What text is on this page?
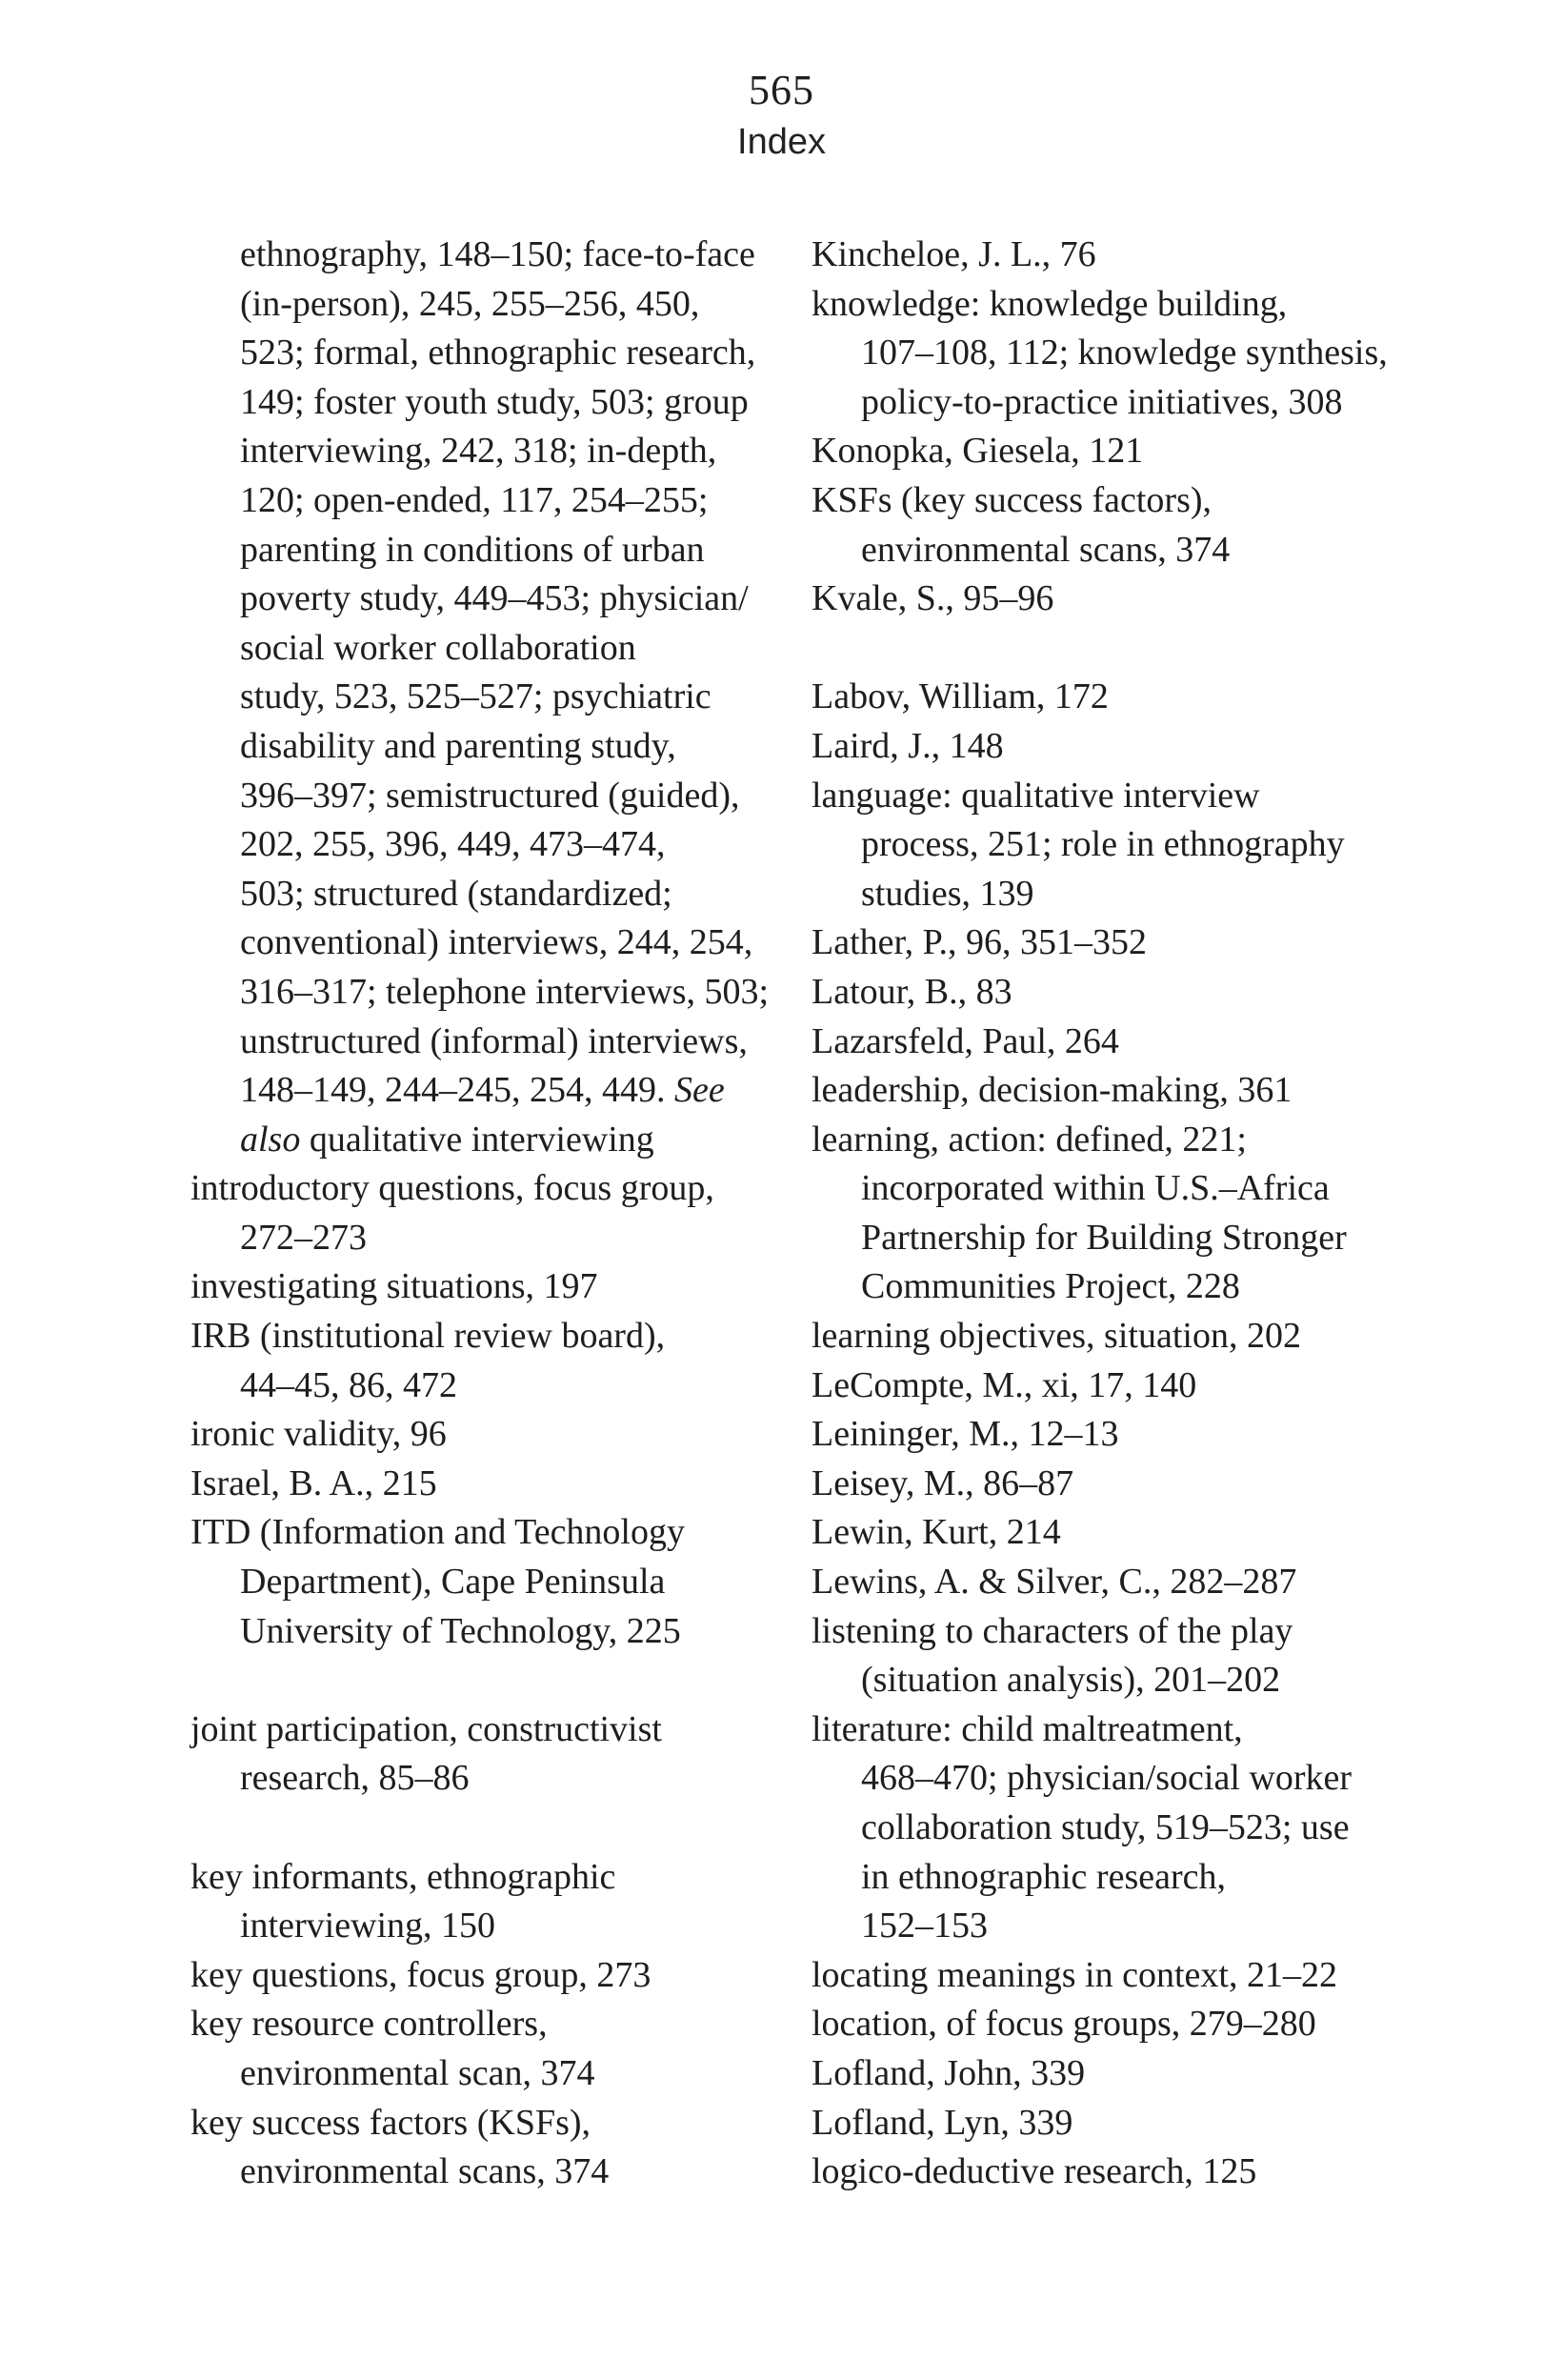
565
Index
ethnography, 148–150; face-to-face
(in-person), 245, 255–256, 450,
523; formal, ethnographic research,
149; foster youth study, 503; group
interviewing, 242, 318; in-depth,
120; open-ended, 117, 254–255;
parenting in conditions of urban
poverty study, 449–453; physician/
social worker collaboration
study, 523, 525–527; psychiatric
disability and parenting study,
396–397; semistructured (guided),
202, 255, 396, 449, 473–474,
503; structured (standardized;
conventional) interviews, 244, 254,
316–317; telephone interviews, 503;
unstructured (informal) interviews,
148–149, 244–245, 254, 449. See
also qualitative interviewing
introductory questions, focus group,
272–273
investigating situations, 197
IRB (institutional review board),
44–45, 86, 472
ironic validity, 96
Israel, B. A., 215
ITD (Information and Technology
Department), Cape Peninsula
University of Technology, 225
joint participation, constructivist
research, 85–86
key informants, ethnographic
interviewing, 150
key questions, focus group, 273
key resource controllers,
environmental scan, 374
key success factors (KSFs),
environmental scans, 374
Kincheloe, J. L., 76
knowledge: knowledge building,
107–108, 112; knowledge synthesis,
policy-to-practice initiatives, 308
Konopka, Giesela, 121
KSFs (key success factors),
environmental scans, 374
Kvale, S., 95–96
Labov, William, 172
Laird, J., 148
language: qualitative interview
process, 251; role in ethnography
studies, 139
Lather, P., 96, 351–352
Latour, B., 83
Lazarsfeld, Paul, 264
leadership, decision-making, 361
learning, action: defined, 221;
incorporated within U.S.–Africa
Partnership for Building Stronger
Communities Project, 228
learning objectives, situation, 202
LeCompte, M., xi, 17, 140
Leininger, M., 12–13
Leisey, M., 86–87
Lewin, Kurt, 214
Lewins, A. & Silver, C., 282–287
listening to characters of the play
(situation analysis), 201–202
literature: child maltreatment,
468–470; physician/social worker
collaboration study, 519–523; use
in ethnographic research,
152–153
locating meanings in context, 21–22
location, of focus groups, 279–280
Lofland, John, 339
Lofland, Lyn, 339
logico-deductive research, 125
